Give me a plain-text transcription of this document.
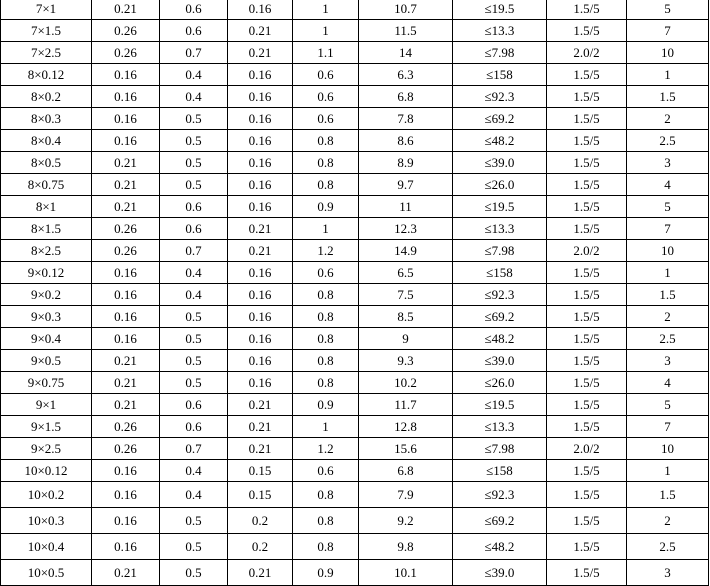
7×1	0.21	0.6	0.16	1	10.7	≤19.5	1.5/5	5
7×1.5	0.26	0.6	0.21	1	11.5	≤13.3	1.5/5	7
7×2.5	0.26	0.7	0.21	1.1	14	≤7.98	2.0/2	10
8×0.12	0.16	0.4	0.16	0.6	6.3	≤158	1.5/5	1
8×0.2	0.16	0.4	0.16	0.6	6.8	≤92.3	1.5/5	1.5
8×0.3	0.16	0.5	0.16	0.6	7.8	≤69.2	1.5/5	2
8×0.4	0.16	0.5	0.16	0.8	8.6	≤48.2	1.5/5	2.5
8×0.5	0.21	0.5	0.16	0.8	8.9	≤39.0	1.5/5	3
8×0.75	0.21	0.5	0.16	0.8	9.7	≤26.0	1.5/5	4
8×1	0.21	0.6	0.16	0.9	11	≤19.5	1.5/5	5
8×1.5	0.26	0.6	0.21	1	12.3	≤13.3	1.5/5	7
8×2.5	0.26	0.7	0.21	1.2	14.9	≤7.98	2.0/2	10
9×0.12	0.16	0.4	0.16	0.6	6.5	≤158	1.5/5	1
9×0.2	0.16	0.4	0.16	0.8	7.5	≤92.3	1.5/5	1.5
9×0.3	0.16	0.5	0.16	0.8	8.5	≤69.2	1.5/5	2
9×0.4	0.16	0.5	0.16	0.8	9	≤48.2	1.5/5	2.5
9×0.5	0.21	0.5	0.16	0.8	9.3	≤39.0	1.5/5	3
9×0.75	0.21	0.5	0.16	0.8	10.2	≤26.0	1.5/5	4
9×1	0.21	0.6	0.21	0.9	11.7	≤19.5	1.5/5	5
9×1.5	0.26	0.6	0.21	1	12.8	≤13.3	1.5/5	7
9×2.5	0.26	0.7	0.21	1.2	15.6	≤7.98	2.0/2	10
10×0.12	0.16	0.4	0.15	0.6	6.8	≤158	1.5/5	1
10×0.2	0.16	0.4	0.15	0.8	7.9	≤92.3	1.5/5	1.5
10×0.3	0.16	0.5	0.2	0.8	9.2	≤69.2	1.5/5	2
10×0.4	0.16	0.5	0.2	0.8	9.8	≤48.2	1.5/5	2.5
10×0.5	0.21	0.5	0.21	0.9	10.1	≤39.0	1.5/5	3
